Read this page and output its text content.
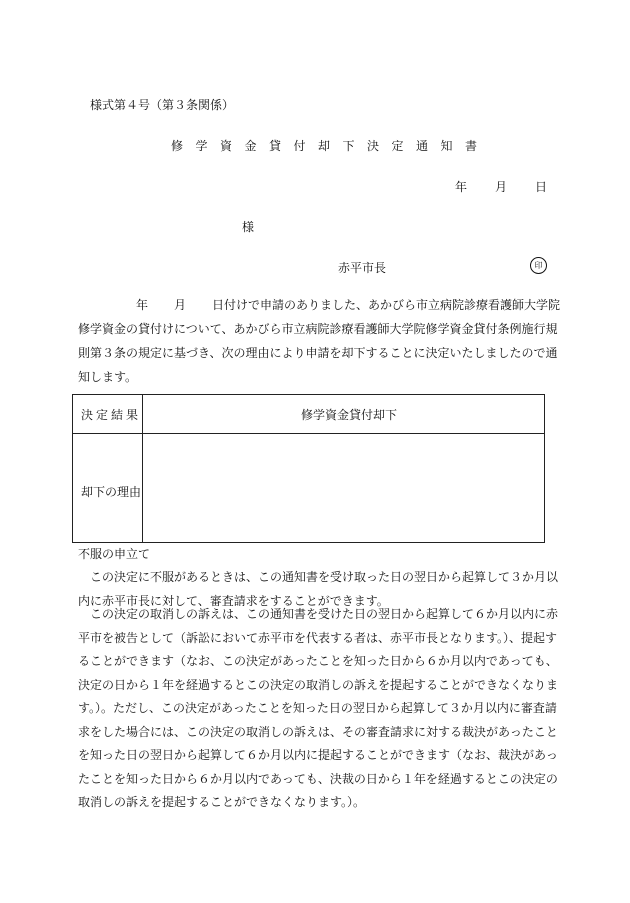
様式第４号（第３条関係）
修学資金貸付却下決定通知書
年 月 日
様
赤平市長	印
年 月 日付けで申請のありました、あかびら市立病院診療看護師大学院
修学資金の貸付けについて、あかびら市立病院診療看護師大学院修学資金貸付条例施行規
則第３条の規定に基づき、次の理由により申請を却下することに決定いたしましたので通
知します。
決定結果	修学資金貸付却下
却下の理由
不服の申立て
　この決定に不服があるときは、この通知書を受け取った日の翌日から起算して３か月以
内に赤平市長に対して、審査請求をすることができます。
　この決定の取消しの訴えは、この通知書を受けた日の翌日から起算して６か月以内に赤
平市を被告として（訴訟において赤平市を代表する者は、赤平市長となります。）、提起す
ることができます（なお、この決定があったことを知った日から６か月以内であっても、
決定の日から１年を経過するとこの決定の取消しの訴えを提起することができなくなりま
す。）。ただし、この決定があったことを知った日の翌日から起算して３か月以内に審査請
求をした場合には、この決定の取消しの訴えは、その審査請求に対する裁決があったこと
を知った日の翌日から起算して６か月以内に提起することができます（なお、裁決があっ
たことを知った日から６か月以内であっても、決裁の日から１年を経過するとこの決定の
取消しの訴えを提起することができなくなります。）。
